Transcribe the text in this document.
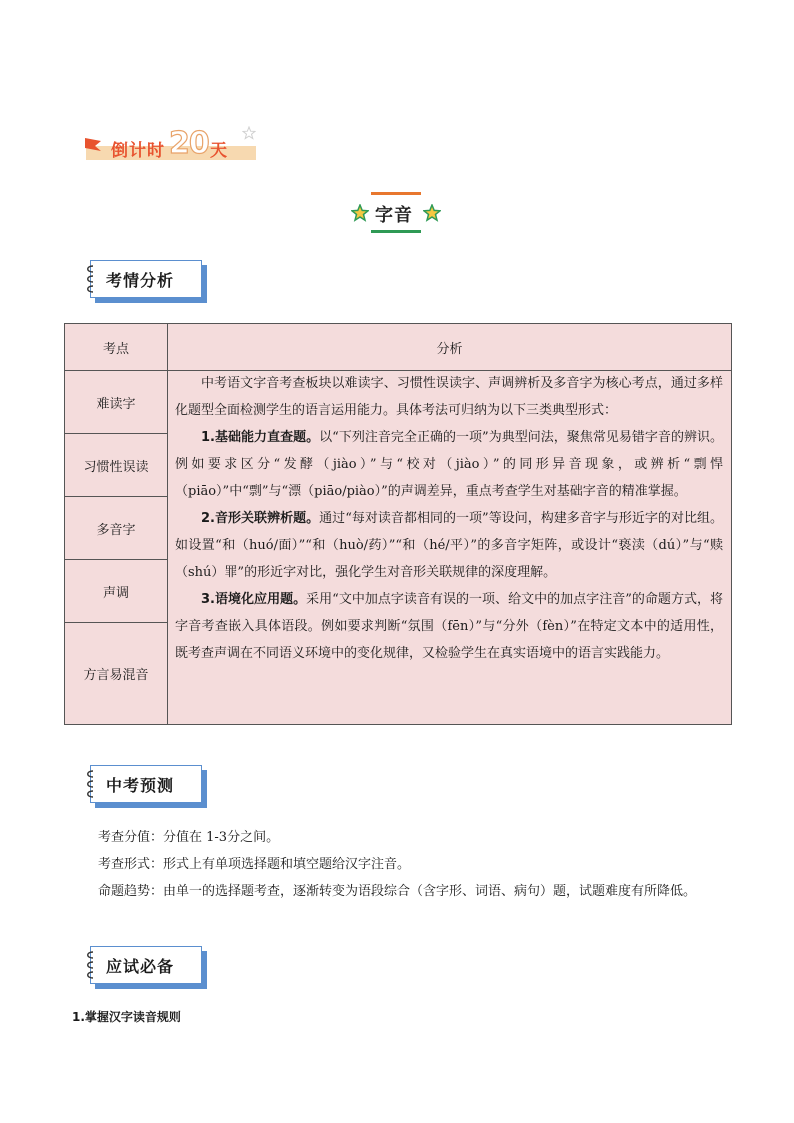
倒计时 20 天
字音
考情分析
考点	分析
难读字
习惯性误读
多音字
声调
方言易混音

中考语文字音考查板块以难读字、习惯性误读字、声调辨析及多音字为核心考点，通过多样化题型全面检测学生的语言运用能力。具体考法可归纳为以下三类典型形式：

1.基础能力直查题。以“下列注音完全正确的一项”为典型问法，聚焦常见易错字音的辨识。例如要求区分“发酵（jiào）”与“校对（jiào）”的同形异音现象，或辨析“剽悍（piāo）”中“剽”与“漂（piāo/piào）”的声调差异，重点考查学生对基础字音的精准掌握。

2.音形关联辨析题。通过“每对读音都相同的一项”等设问，构建多音字与形近字的对比组。如设置“和（huó/面）”“和（huò/药）”“和（hé/平）”的多音字矩阵，或设计“亵渎（dú）”与“赎（shú）罪”的形近字对比，强化学生对音形关联规律的深度理解。

3.语境化应用题。采用“文中加点字读音有误的一项、给文中的加点字注音”的命题方式，将字音考查嵌入具体语段。例如要求判断“氛围（fēn）”与“分外（fèn）”在特定文本中的适用性，既考查声调在不同语义环境中的变化规律，又检验学生在真实语境中的语言实践能力。

中考预测

考查分值：分值在 1-3分之间。

考查形式：形式上有单项选择题和填空题给汉字注音。

命题趋势：由单一的选择题考查，逐渐转变为语段综合（含字形、词语、病句）题，试题难度有所降低。

应试必备
1.掌握汉字读音规则
